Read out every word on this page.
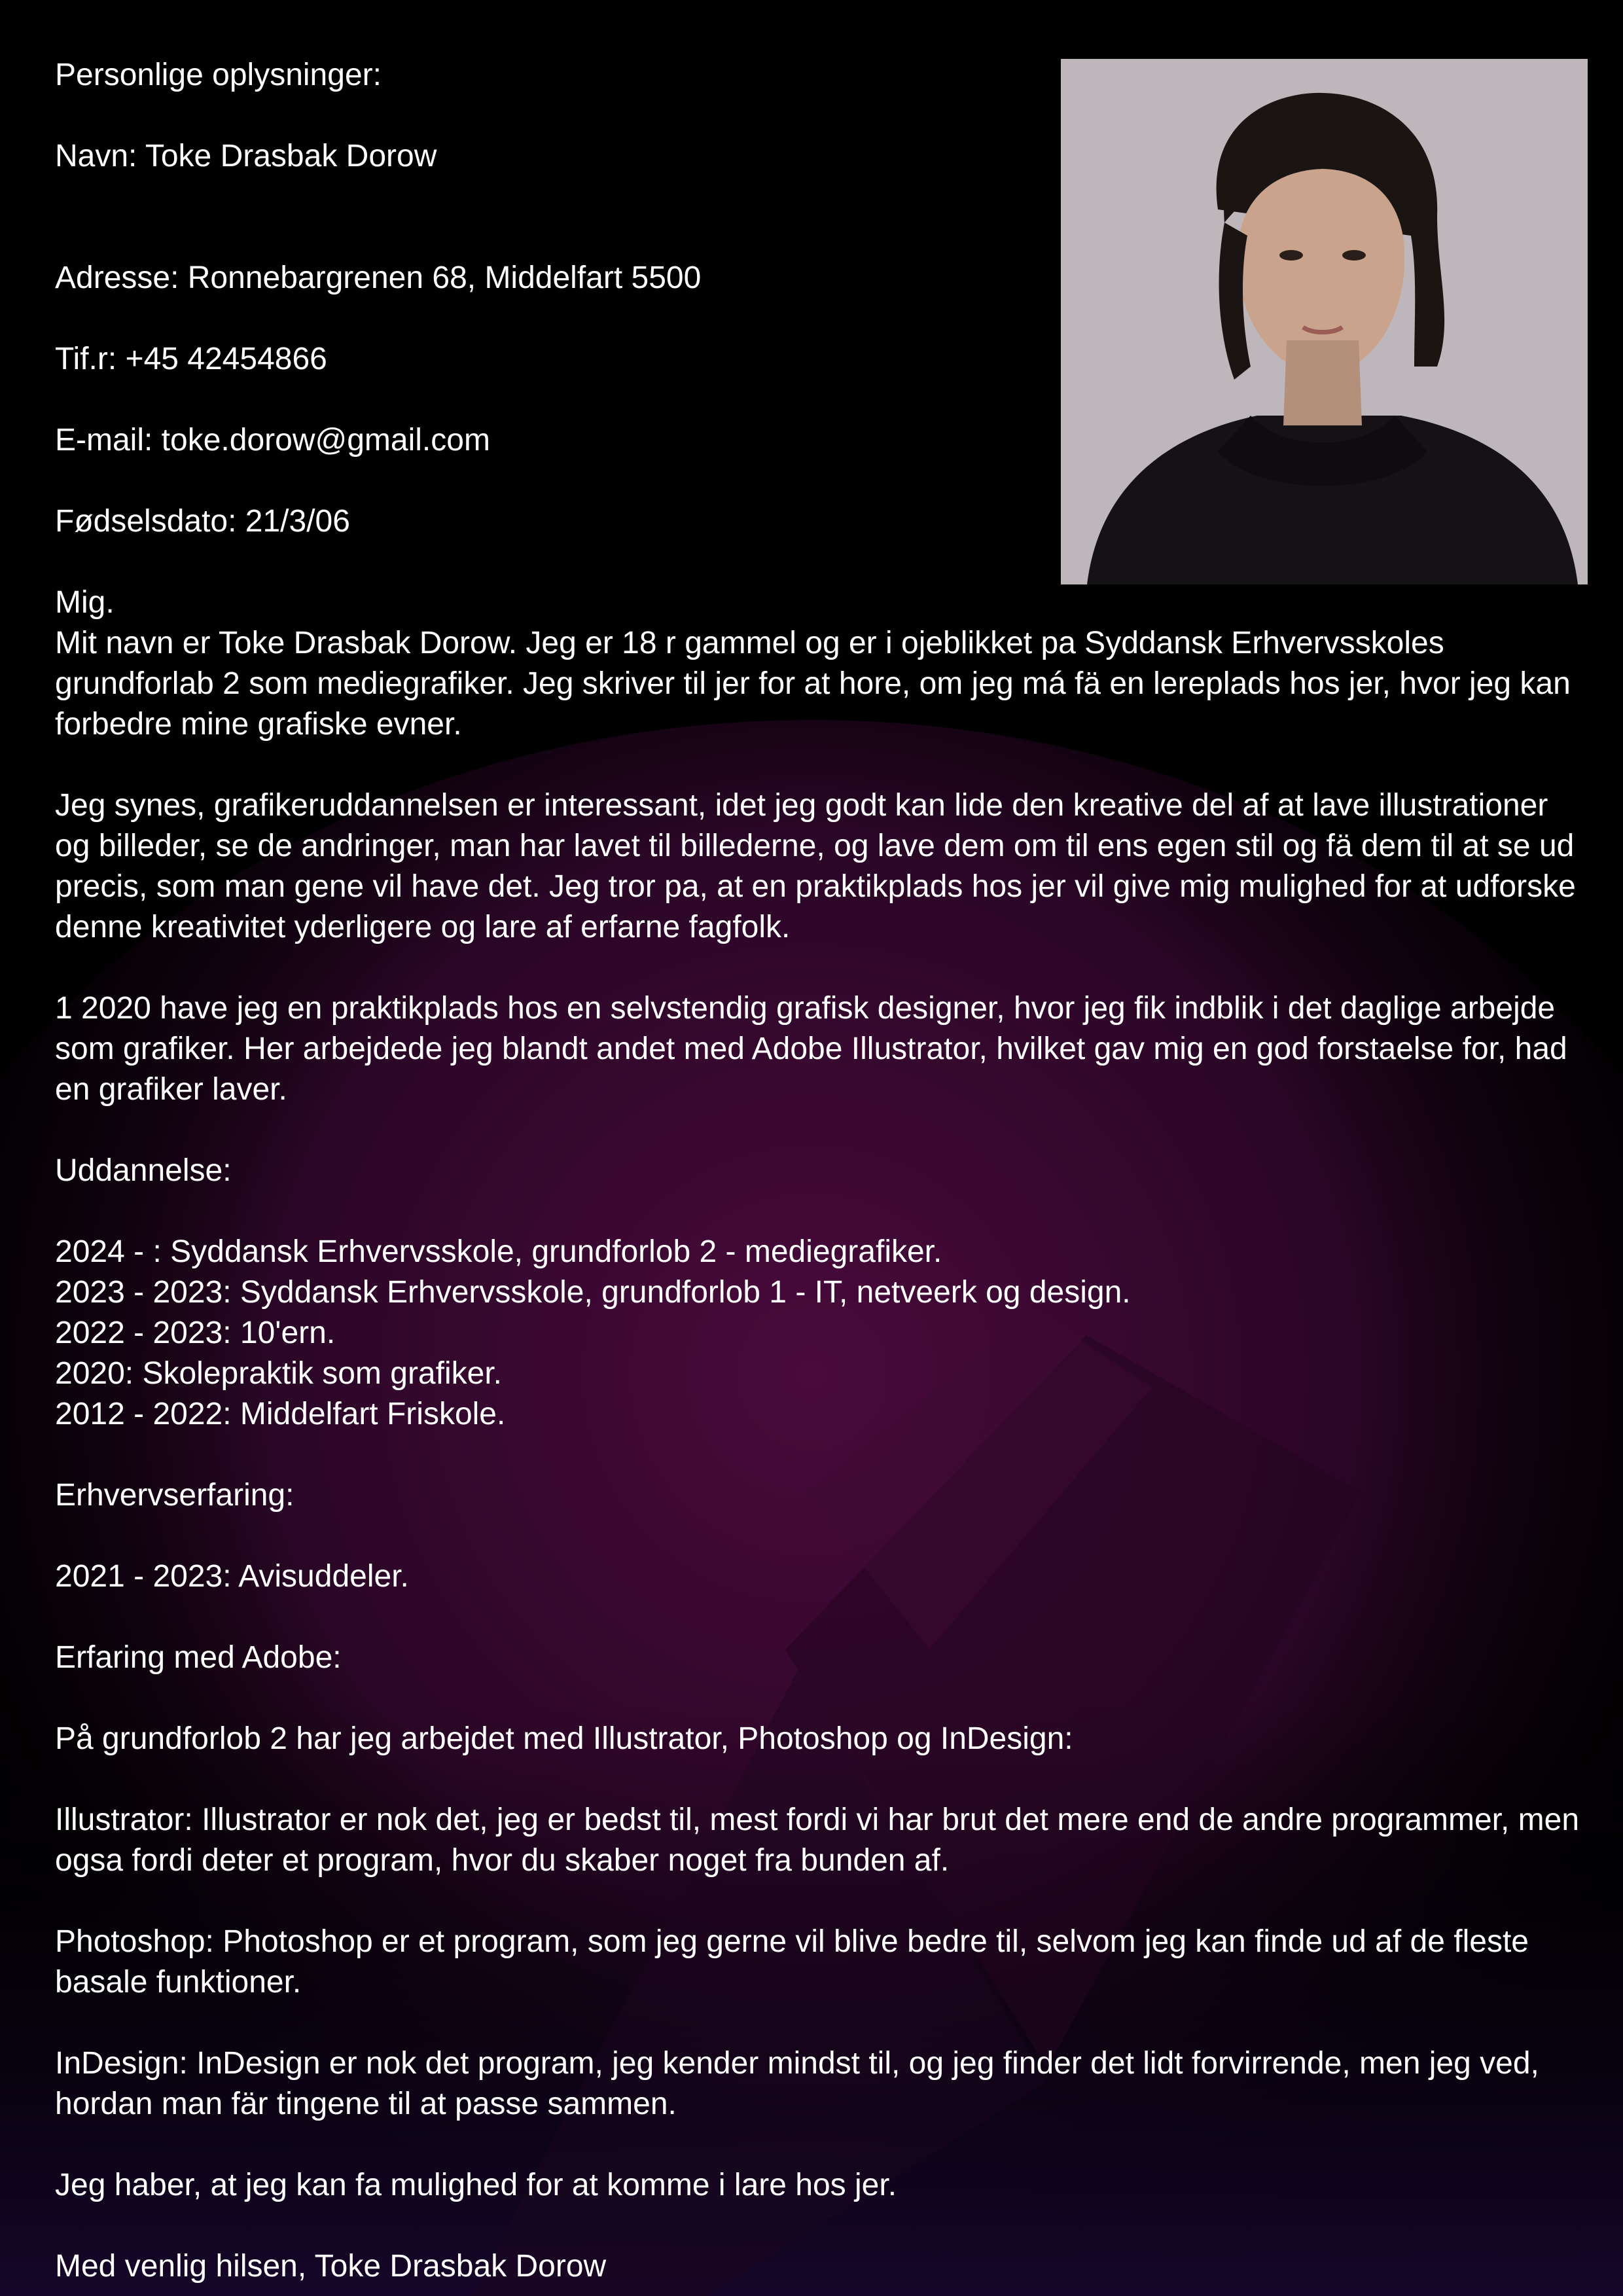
Personlige oplysninger:
Navn: Toke Drasbak Dorow
Adresse: Ronnebargrenen 68, Middelfart 5500
Tif.r: +45 42454866
E-mail: toke.dorow@gmail.com
Fødselsdato: 21/3/06
Mig.
Mit navn er Toke Drasbak Dorow. Jeg er 18 r gammel og er i ojeblikket pa Syddansk Erhvervsskoles grundforlab 2 som mediegrafiker. Jeg skriver til jer for at hore, om jeg má fä en lereplads hos jer, hvor jeg kan forbedre mine grafiske evner.
Jeg synes, grafikeruddannelsen er interessant, idet jeg godt kan lide den kreative del af at lave illustrationer og billeder, se de andringer, man har lavet til billederne, og lave dem om til ens egen stil og fä dem til at se ud precis, som man gene vil have det. Jeg tror pa, at en praktikplads hos jer vil give mig mulighed for at udforske denne kreativitet yderligere og lare af erfarne fagfolk.
1 2020 have jeg en praktikplads hos en selvstendig grafisk designer, hvor jeg fik indblik i det daglige arbejde som grafiker. Her arbejdede jeg blandt andet med Adobe Illustrator, hvilket gav mig en god forstaelse for, had en grafiker laver.
Uddannelse:
2024 - : Syddansk Erhvervsskole, grundforlob 2 - mediegrafiker.
2023 - 2023: Syddansk Erhvervsskole, grundforlob 1 - IT, netveerk og design.
2022 - 2023: 10'ern.
2020: Skolepraktik som grafiker.
2012 - 2022: Middelfart Friskole.
Erhvervserfaring:
2021 - 2023: Avisuddeler.
Erfaring med Adobe:
På grundforlob 2 har jeg arbejdet med Illustrator, Photoshop og InDesign:
Illustrator: Illustrator er nok det, jeg er bedst til, mest fordi vi har brut det mere end de andre programmer, men ogsa fordi deter et program, hvor du skaber noget fra bunden af.
Photoshop: Photoshop er et program, som jeg gerne vil blive bedre til, selvom jeg kan finde ud af de fleste basale funktioner.
InDesign: InDesign er nok det program, jeg kender mindst til, og jeg finder det lidt forvirrende, men jeg ved, hordan man fär tingene til at passe sammen.
Jeg haber, at jeg kan fa mulighed for at komme i lare hos jer.
Med venlig hilsen, Toke Drasbak Dorow
